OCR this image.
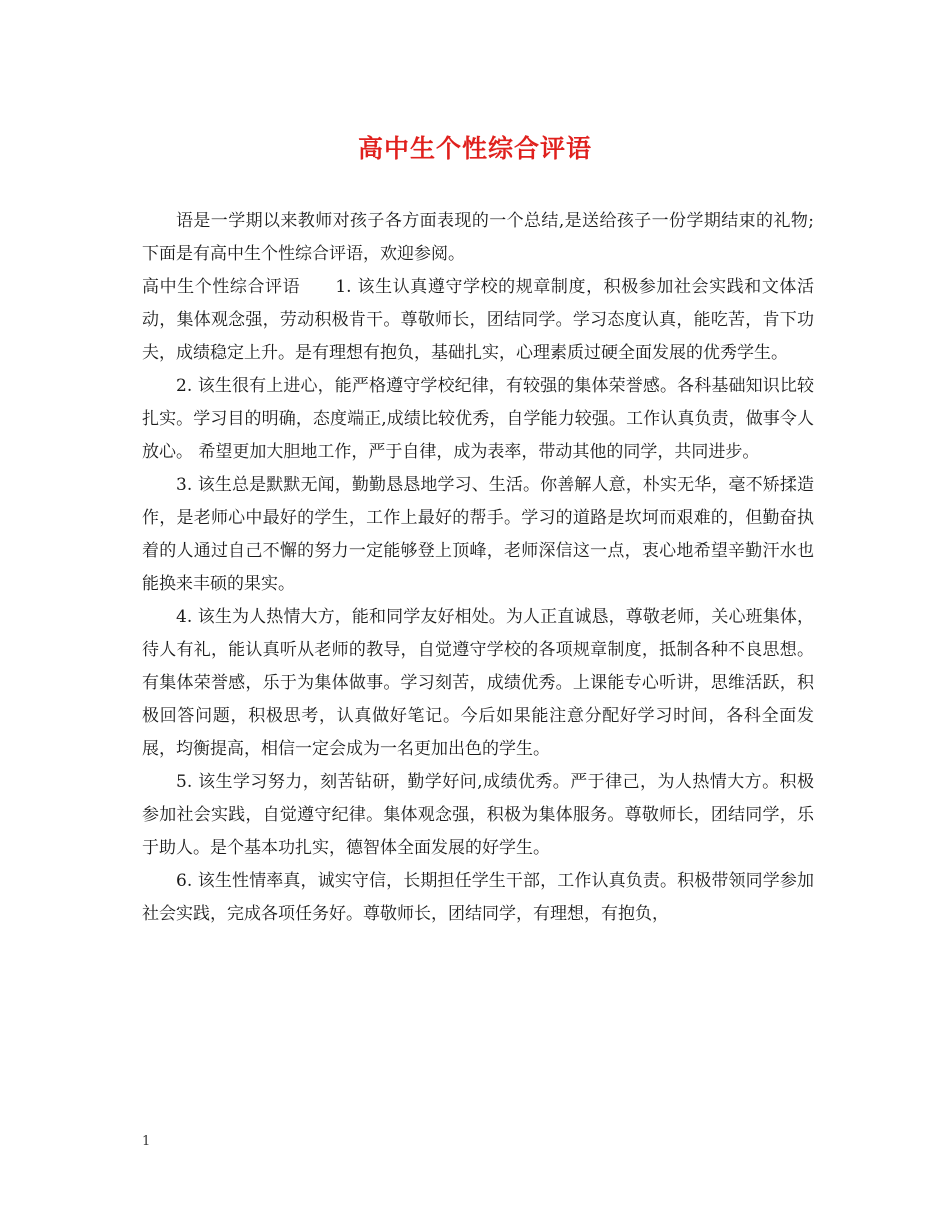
高中生个性综合评语

语是一学期以来教师对孩子各方面表现的一个总结,是送给孩子一份学期结束的礼物;下面是有高中生个性综合评语，欢迎参阅。

高中生个性综合评语　　1. 该生认真遵守学校的规章制度，积极参加社会实践和文体活动，集体观念强，劳动积极肯干。尊敬师长，团结同学。学习态度认真，能吃苦，肯下功夫，成绩稳定上升。是有理想有抱负，基础扎实，心理素质过硬全面发展的优秀学生。

2. 该生很有上进心，能严格遵守学校纪律，有较强的集体荣誉感。各科基础知识比较扎实。学习目的明确，态度端正,成绩比较优秀，自学能力较强。工作认真负责，做事令人放心。 希望更加大胆地工作，严于自律，成为表率，带动其他的同学，共同进步。

3. 该生总是默默无闻，勤勤恳恳地学习、生活。你善解人意，朴实无华，毫不矫揉造作，是老师心中最好的学生，工作上最好的帮手。学习的道路是坎坷而艰难的，但勤奋执着的人通过自己不懈的努力一定能够登上顶峰，老师深信这一点，衷心地希望辛勤汗水也能换来丰硕的果实。

4. 该生为人热情大方，能和同学友好相处。为人正直诚恳，尊敬老师，关心班集体，待人有礼，能认真听从老师的教导，自觉遵守学校的各项规章制度，抵制各种不良思想。有集体荣誉感，乐于为集体做事。学习刻苦，成绩优秀。上课能专心听讲，思维活跃，积极回答问题，积极思考，认真做好笔记。今后如果能注意分配好学习时间，各科全面发展，均衡提高，相信一定会成为一名更加出色的学生。

5. 该生学习努力，刻苦钻研，勤学好问,成绩优秀。严于律己，为人热情大方。积极参加社会实践，自觉遵守纪律。集体观念强，积极为集体服务。尊敬师长，团结同学，乐于助人。是个基本功扎实，德智体全面发展的好学生。

6. 该生性情率真，诚实守信，长期担任学生干部，工作认真负责。积极带领同学参加社会实践，完成各项任务好。尊敬师长，团结同学，有理想，有抱负，

1
